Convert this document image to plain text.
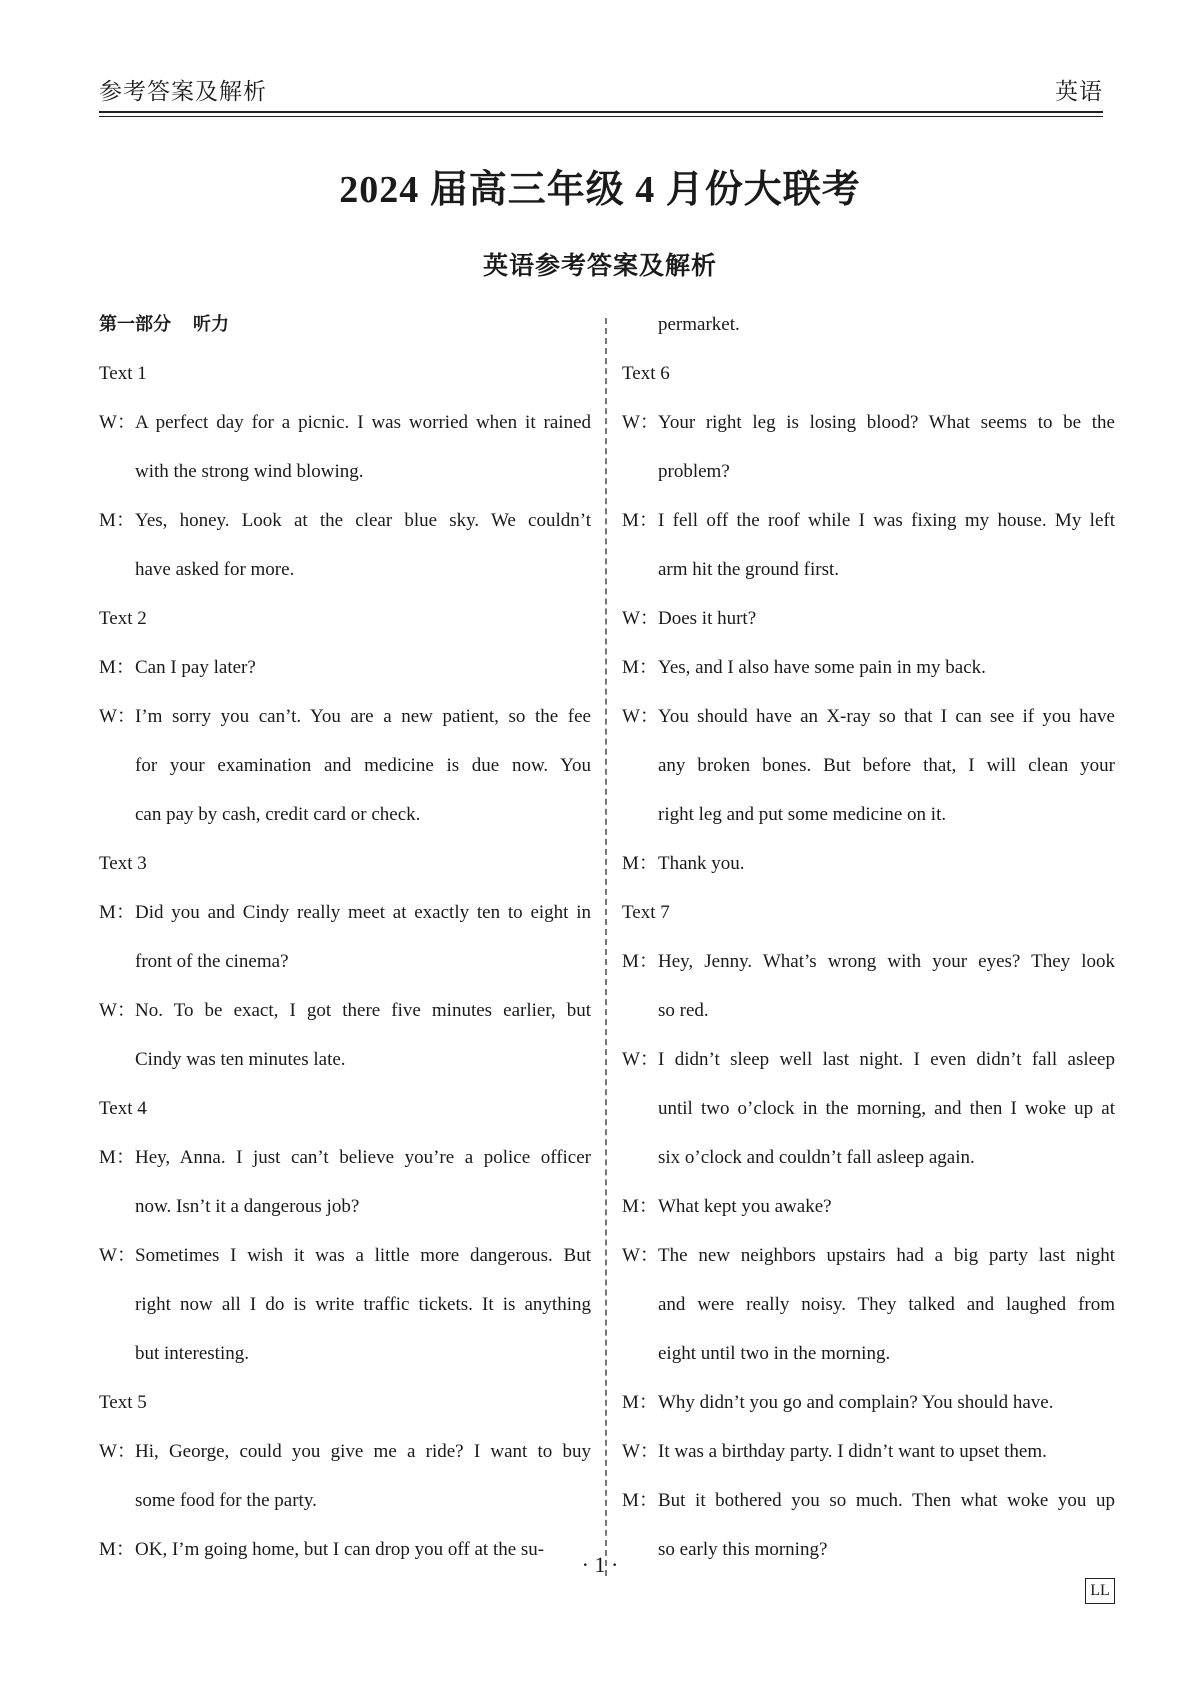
参考答案及解析	英语
2024 届高三年级 4 月份大联考
英语参考答案及解析
第一部分 听力
Text 1
W：A perfect day for a picnic. I was worried when it rained
with the strong wind blowing.
M：Yes, honey. Look at the clear blue sky. We couldn’t
have asked for more.
Text 2
M：Can I pay later?
W：I’m sorry you can’t. You are a new patient, so the fee
for your examination and medicine is due now. You
can pay by cash, credit card or check.
Text 3
M：Did you and Cindy really meet at exactly ten to eight in
front of the cinema?
W：No. To be exact, I got there five minutes earlier, but
Cindy was ten minutes late.
Text 4
M：Hey, Anna. I just can’t believe you’re a police officer
now. Isn’t it a dangerous job?
W：Sometimes I wish it was a little more dangerous. But
right now all I do is write traffic tickets. It is anything
but interesting.
Text 5
W：Hi, George, could you give me a ride? I want to buy
some food for the party.
M：OK, I’m going home, but I can drop you off at the su-
permarket.
Text 6
W：Your right leg is losing blood? What seems to be the
problem?
M：I fell off the roof while I was fixing my house. My left
arm hit the ground first.
W：Does it hurt?
M：Yes, and I also have some pain in my back.
W：You should have an X-ray so that I can see if you have
any broken bones. But before that, I will clean your
right leg and put some medicine on it.
M：Thank you.
Text 7
M：Hey, Jenny. What’s wrong with your eyes? They look
so red.
W：I didn’t sleep well last night. I even didn’t fall asleep
until two o’clock in the morning, and then I woke up at
six o’clock and couldn’t fall asleep again.
M：What kept you awake?
W：The new neighbors upstairs had a big party last night
and were really noisy. They talked and laughed from
eight until two in the morning.
M：Why didn’t you go and complain? You should have.
W：It was a birthday party. I didn’t want to upset them.
M：But it bothered you so much. Then what woke you up
so early this morning?
· 1 ·
LL
